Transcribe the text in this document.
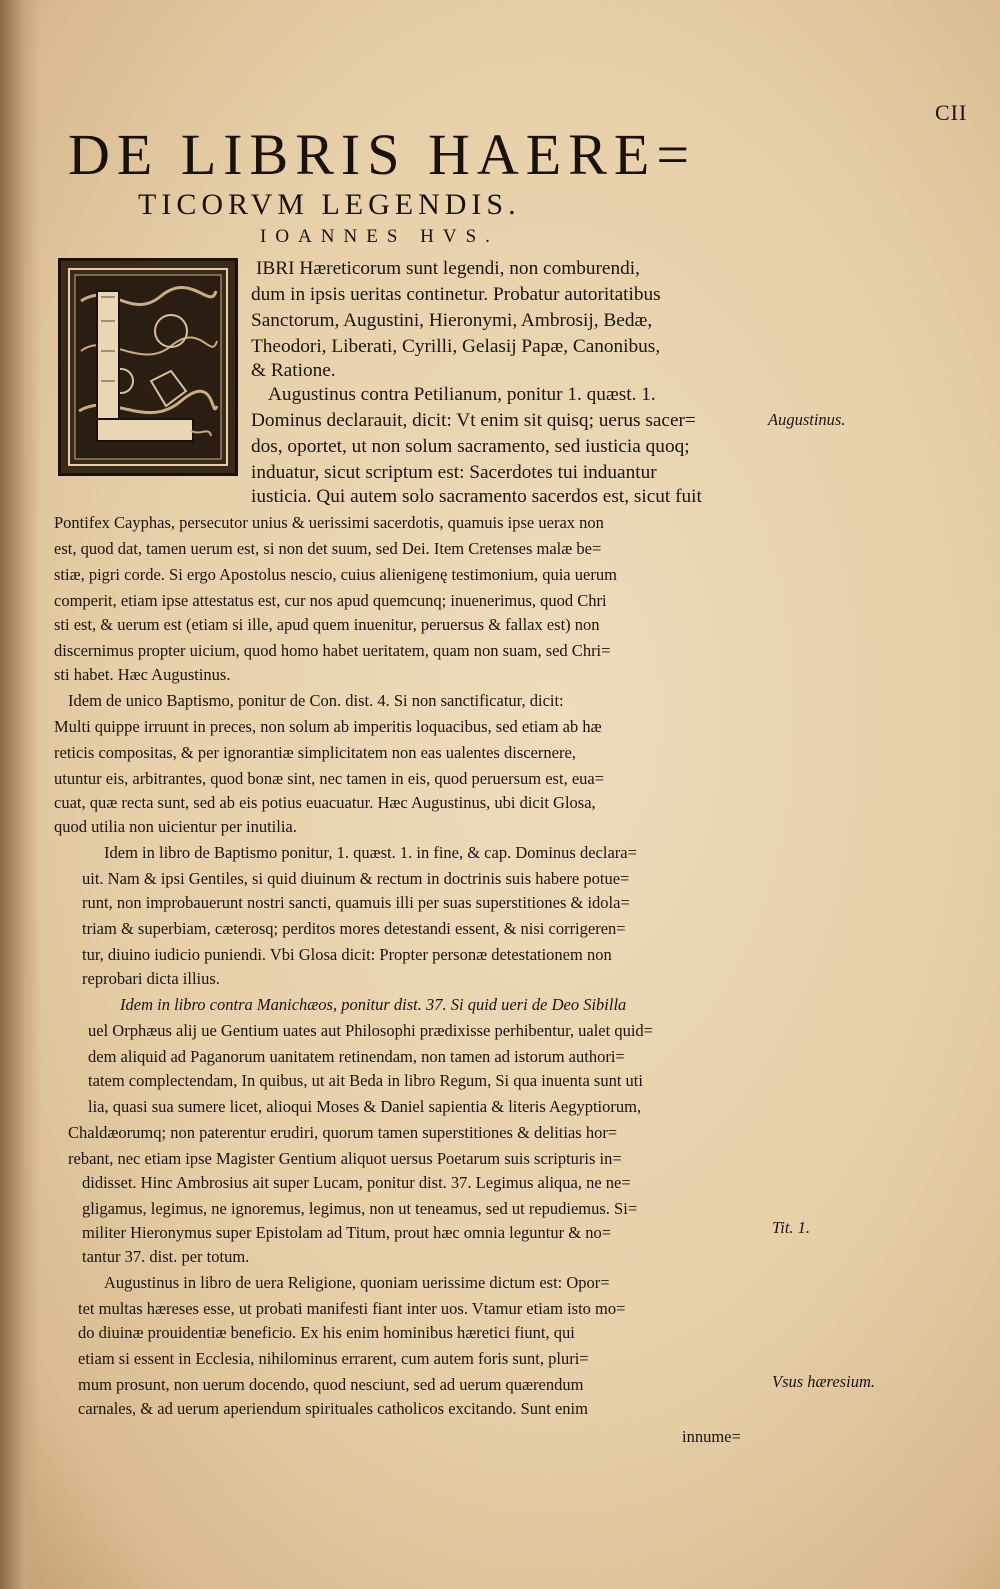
CII
DE LIBRIS HAERE=
TICORVM LEGENDIS.
IOANNES HVS.
IBRI Hæreticorum sunt legendi, non comburendi,
dum in ipsis ueritas continetur. Probatur autoritatibus
Sanctorum, Augustini, Hieronymi, Ambrosij, Bedæ,
Theodori, Liberati, Cyrilli, Gelasij Papæ, Canonibus,
& Ratione.
Augustinus contra Petilianum, ponitur 1. quæst. 1.
Dominus declarauit, dicit: Vt enim sit quisq; uerus sacer=
dos, oportet, ut non solum sacramento, sed iusticia quoq;
induatur, sicut scriptum est: Sacerdotes tui induantur
iusticia. Qui autem solo sacramento sacerdos est, sicut fuit
Pontifex Cayphas, persecutor unius & uerissimi sacerdotis, quamuis ipse uerax non
est, quod dat, tamen uerum est, si non det suum, sed Dei. Item Cretenses malæ be=
stiæ, pigri corde. Si ergo Apostolus nescio, cuius alienigenę testimonium, quia uerum
comperit, etiam ipse attestatus est, cur nos apud quemcunq; inuenerimus, quod Chri
sti est, & uerum est (etiam si ille, apud quem inuenitur, peruersus & fallax est) non
discernimus propter uicium, quod homo habet ueritatem, quam non suam, sed Chri=
sti habet. Hæc Augustinus.
Idem de unico Baptismo, ponitur de Con. dist. 4. Si non sanctificatur, dicit:
Multi quippe irruunt in preces, non solum ab imperitis loquacibus, sed etiam ab hæ
reticis compositas, & per ignorantiæ simplicitatem non eas ualentes discernere,
utuntur eis, arbitrantes, quod bonæ sint, nec tamen in eis, quod peruersum est, eua=
cuat, quæ recta sunt, sed ab eis potius euacuatur. Hæc Augustinus, ubi dicit Glosa,
quod utilia non uicientur per inutilia.
Idem in libro de Baptismo ponitur, 1. quæst. 1. in fine, & cap. Dominus declara=
uit. Nam & ipsi Gentiles, si quid diuinum & rectum in doctrinis suis habere potue=
runt, non improbauerunt nostri sancti, quamuis illi per suas superstitiones & idola=
triam & superbiam, cæterosq; perditos mores detestandi essent, & nisi corrigeren=
tur, diuino iudicio puniendi. Vbi Glosa dicit: Propter personæ detestationem non
reprobari dicta illius.
Idem in libro contra Manichæos, ponitur dist. 37. Si quid ueri de Deo Sibilla
uel Orphæus alij ue Gentium uates aut Philosophi prædixisse perhibentur, ualet quid=
dem aliquid ad Paganorum uanitatem retinendam, non tamen ad istorum authori=
tatem complectendam, In quibus, ut ait Beda in libro Regum, Si qua inuenta sunt uti
lia, quasi sua sumere licet, alioqui Moses & Daniel sapientia & literis Aegyptiorum,
Chaldæorumq; non paterentur erudiri, quorum tamen superstitiones & delitias hor=
rebant, nec etiam ipse Magister Gentium aliquot uersus Poetarum suis scripturis in=
didisset. Hinc Ambrosius ait super Lucam, ponitur dist. 37. Legimus aliqua, ne ne=
gligamus, legimus, ne ignoremus, legimus, non ut teneamus, sed ut repudiemus. Si=
militer Hieronymus super Epistolam ad Titum, prout hæc omnia leguntur & no=
tantur 37. dist. per totum.
Augustinus in libro de uera Religione, quoniam uerissime dictum est: Opor=
tet multas hæreses esse, ut probati manifesti fiant inter uos. Vtamur etiam isto mo=
do diuinæ prouidentiæ beneficio. Ex his enim hominibus hæretici fiunt, qui
etiam si essent in Ecclesia, nihilominus errarent, cum autem foris sunt, pluri=
mum prosunt, non uerum docendo, quod nesciunt, sed ad uerum quærendum
carnales, & ad uerum aperiendum spirituales catholicos excitando. Sunt enim
innume=
Augustinus.
Tit. 1.
Vsus hæresium.
